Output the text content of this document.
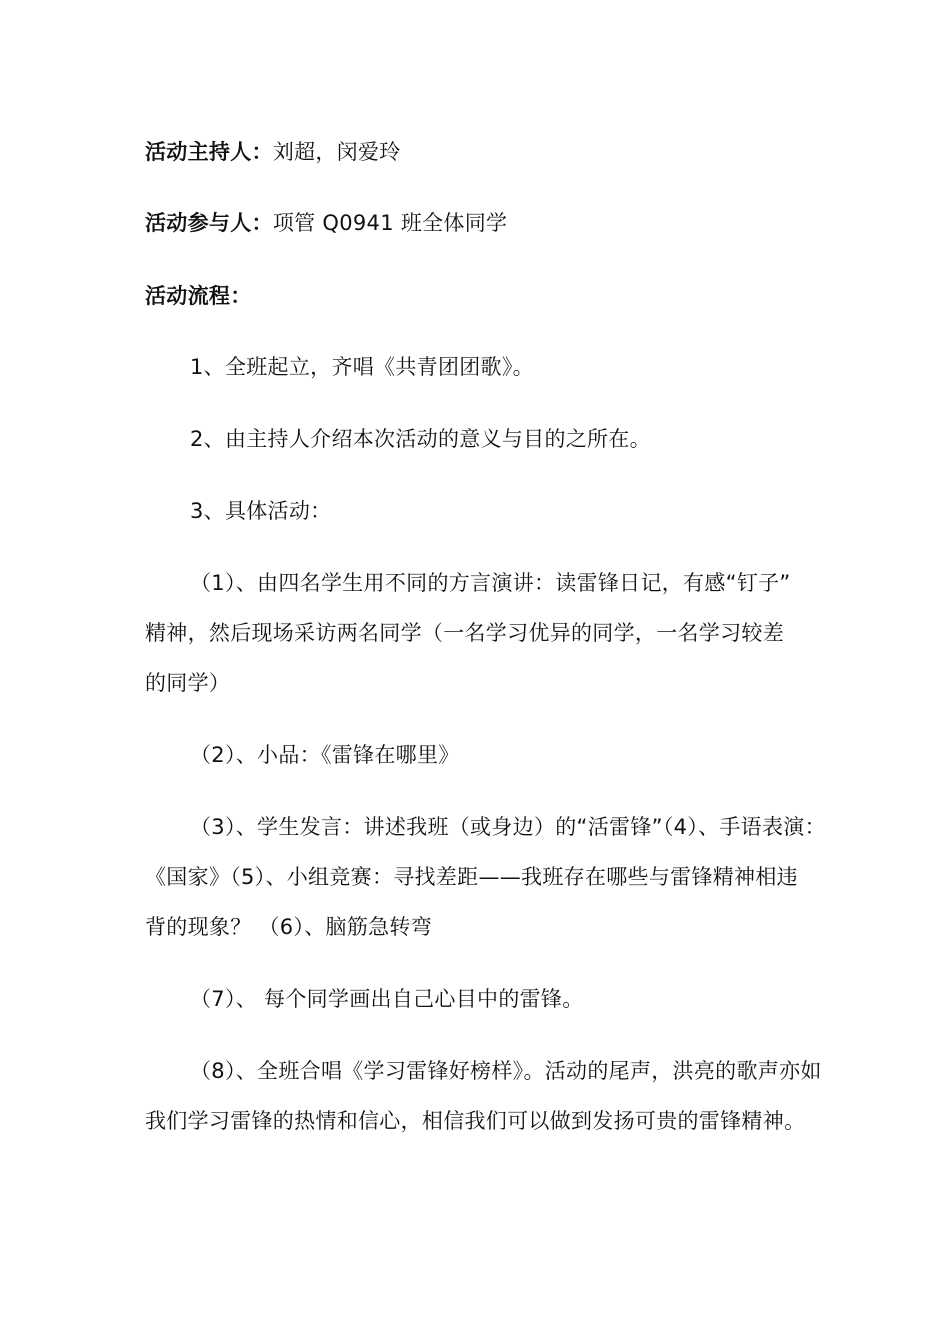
活动主持人：刘超，闵爱玲
活动参与人：项管 Q0941 班全体同学
活动流程：
1、全班起立，齐唱《共青团团歌》。
2、由主持人介绍本次活动的意义与目的之所在。
3、具体活动：
（1）、由四名学生用不同的方言演讲：读雷锋日记，有感“钉子”
精神，然后现场采访两名同学（一名学习优异的同学，一名学习较差
的同学）
（2）、小品：《雷锋在哪里》
（3）、学生发言：讲述我班（或身边）的“活雷锋”（4）、手语表演：
《国家》（5）、小组竞赛：寻找差距——我班存在哪些与雷锋精神相违
背的现象？ （6）、脑筋急转弯
（7）、 每个同学画出自己心目中的雷锋。
（8）、全班合唱《学习雷锋好榜样》。活动的尾声，洪亮的歌声亦如
我们学习雷锋的热情和信心，相信我们可以做到发扬可贵的雷锋精神。
